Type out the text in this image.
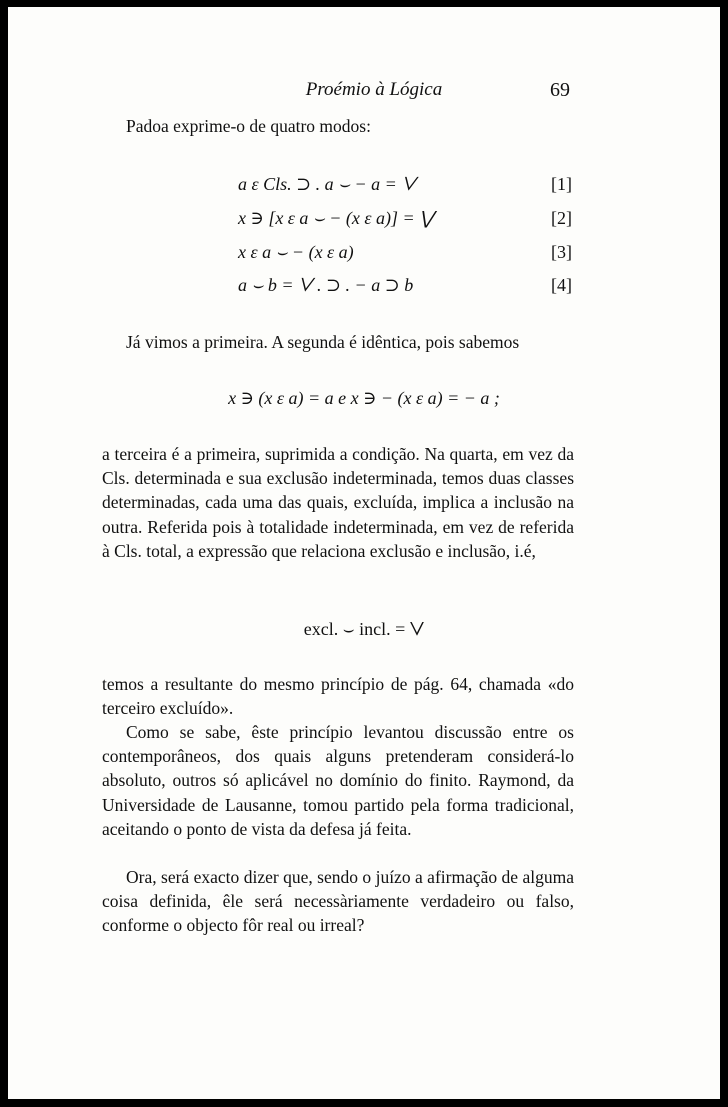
Proémio à Lógica	69
Padoa exprime-o de quatro modos:
a ε Cls. ⊃ . a ⌣ − a = ⋁	[1]
x ∋ [x ε a ⌣ − (x ε a)] = ⋁	[2]
x ε a ⌣ − (x ε a)	[3]
a ⌣ b = ⋁ . ⊃ . − a ⊃ b	[4]
Já vimos a primeira. A segunda é idêntica, pois sabemos
x ∋ (x ε a) = a e x ∋ − (x ε a) = − a ;
a terceira é a primeira, suprimida a condição. Na quarta, em vez da Cls. determinada e sua exclusão indeterminada, temos duas classes determinadas, cada uma das quais, excluída, implica a inclusão na outra. Referida pois à totalidade indeterminada, em vez de referida à Cls. total, a expressão que relaciona exclusão e inclusão, i.é,
excl. ⌣ incl. = ⋁
temos a resultante do mesmo princípio de pág. 64, chamada «do terceiro excluído».
Como se sabe, êste princípio levantou discussão entre os contemporâneos, dos quais alguns pretenderam considerá-lo absoluto, outros só aplicável no domínio do finito. Raymond, da Universidade de Lausanne, tomou partido pela forma tradicional, aceitando o ponto de vista da defesa já feita.
Ora, será exacto dizer que, sendo o juízo a afirmação de alguma coisa definida, êle será necessàriamente verdadeiro ou falso, conforme o objecto fôr real ou irreal?
